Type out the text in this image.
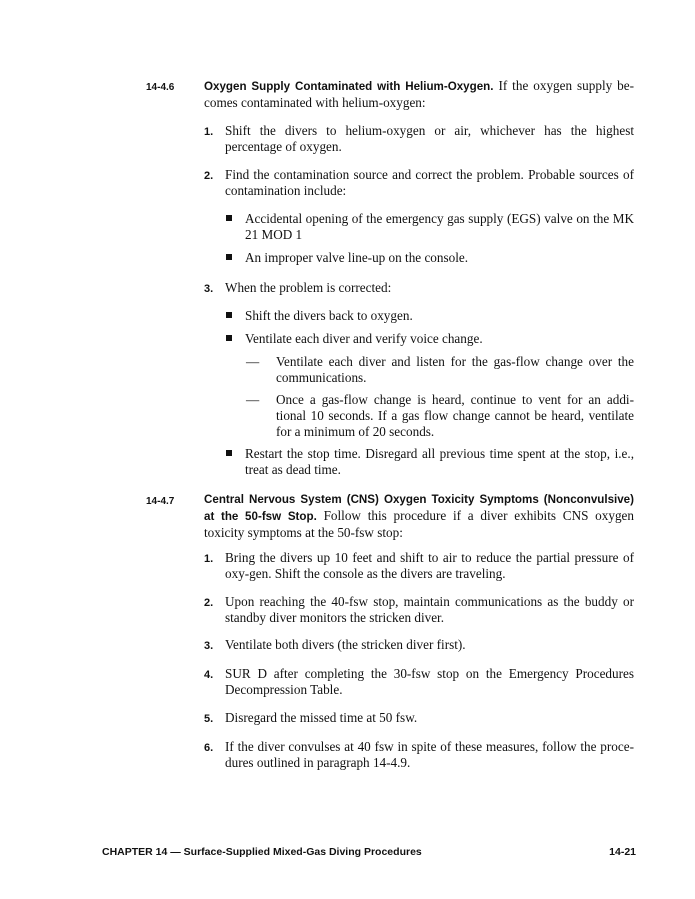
14-4.6	Oxygen Supply Contaminated with Helium-Oxygen. If the oxygen supply be-comes contaminated with helium-oxygen:
1. Shift the divers to helium-oxygen or air, whichever has the highest percentage of oxygen.
2. Find the contamination source and correct the problem. Probable sources of contamination include:
Accidental opening of the emergency gas supply (EGS) valve on the MK 21 MOD 1
An improper valve line-up on the console.
3. When the problem is corrected:
Shift the divers back to oxygen.
Ventilate each diver and verify voice change.
— Ventilate each diver and listen for the gas-flow change over the communications.
— Once a gas-flow change is heard, continue to vent for an addi-tional 10 seconds. If a gas flow change cannot be heard, ventilate for a minimum of 20 seconds.
Restart the stop time. Disregard all previous time spent at the stop, i.e., treat as dead time.
14-4.7	Central Nervous System (CNS) Oxygen Toxicity Symptoms (Nonconvulsive) at the 50-fsw Stop. Follow this procedure if a diver exhibits CNS oxygen toxicity symptoms at the 50-fsw stop:
1. Bring the divers up 10 feet and shift to air to reduce the partial pressure of oxy-gen. Shift the console as the divers are traveling.
2. Upon reaching the 40-fsw stop, maintain communications as the buddy or standby diver monitors the stricken diver.
3. Ventilate both divers (the stricken diver first).
4. SUR D after completing the 30-fsw stop on the Emergency Procedures Decompression Table.
5. Disregard the missed time at 50 fsw.
6. If the diver convulses at 40 fsw in spite of these measures, follow the proce-dures outlined in paragraph 14-4.9.
CHAPTER 14 — Surface-Supplied Mixed-Gas Diving Procedures	14-21
